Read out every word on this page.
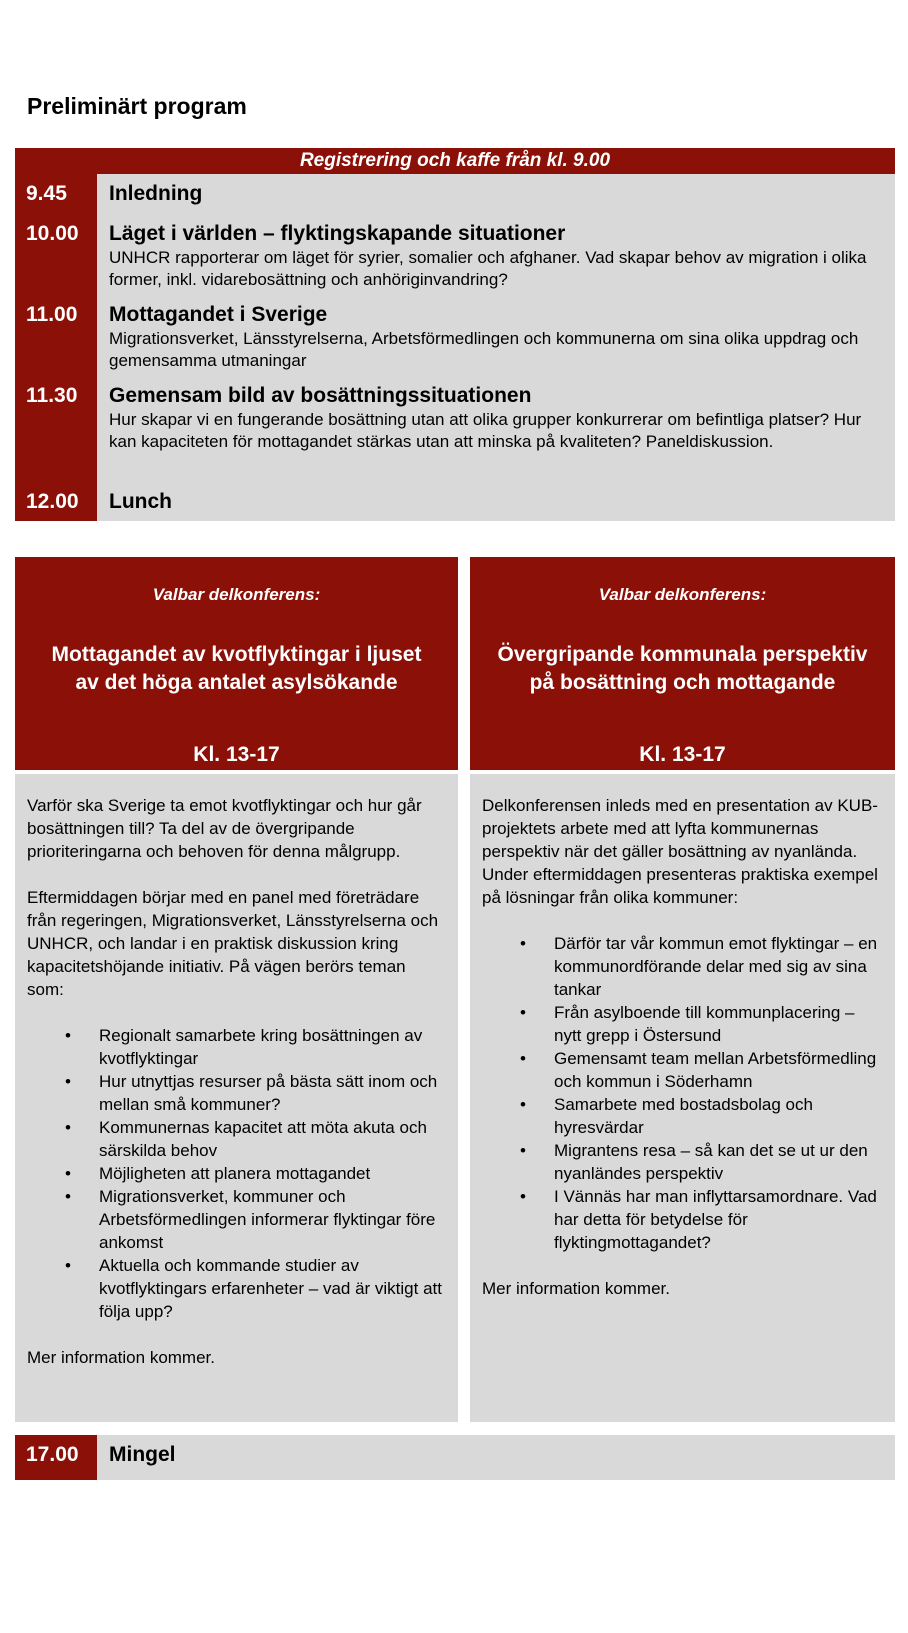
Preliminärt program
Registrering och kaffe från kl. 9.00
9.45	Inledning
10.00	Läget i världen – flyktingskapande situationer
UNHCR rapporterar om läget för syrier, somalier och afghaner. Vad skapar behov av migration i olika former, inkl. vidarebosättning och anhöriginvandring?
11.00	Mottagandet i Sverige
Migrationsverket, Länsstyrelserna, Arbetsförmedlingen och kommunerna om sina olika uppdrag och gemensamma utmaningar
11.30	Gemensam bild av bosättningssituationen
Hur skapar vi en fungerande bosättning utan att olika grupper konkurrerar om befintliga platser? Hur kan kapaciteten för mottagandet stärkas utan att minska på kvaliteten? Paneldiskussion.
12.00	Lunch
Valbar delkonferens:
Mottagandet av kvotflyktingar i ljuset av det höga antalet asylsökande
Kl. 13-17

Varför ska Sverige ta emot kvotflyktingar och hur går bosättningen till? Ta del av de övergripande prioriteringarna och behoven för denna målgrupp.

Eftermiddagen börjar med en panel med företrädare från regeringen, Migrationsverket, Länsstyrelserna och UNHCR, och landar i en praktisk diskussion kring kapacitetshöjande initiativ. På vägen berörs teman som:

• Regionalt samarbete kring bosättningen av kvotflyktingar
• Hur utnyttjas resurser på bästa sätt inom och mellan små kommuner?
• Kommunernas kapacitet att möta akuta och särskilda behov
• Möjligheten att planera mottagandet
• Migrationsverket, kommuner och Arbetsförmedlingen informerar flyktingar före ankomst
• Aktuella och kommande studier av kvotflyktingars erfarenheter – vad är viktigt att följa upp?
Mer information kommer.
Valbar delkonferens:
Övergripande kommunala perspektiv på bosättning och mottagande
Kl. 13-17

Delkonferensen inleds med en presentation av KUB-projektets arbete med att lyfta kommunernas perspektiv när det gäller bosättning av nyanlända. Under eftermiddagen presenteras praktiska exempel på lösningar från olika kommuner:

• Därför tar vår kommun emot flyktingar – en kommunordförande delar med sig av sina tankar
• Från asylboende till kommunplacering – nytt grepp i Östersund
• Gemensamt team mellan Arbetsförmedling och kommun i Söderhamn
• Samarbete med bostadsbolag och hyresvärdar
• Migrantens resa – så kan det se ut ur den nyanländes perspektiv
• I Vännäs har man inflyttarsamordnare. Vad har detta för betydelse för flyktingmottagandet?
Mer information kommer.
17.00	Mingel
